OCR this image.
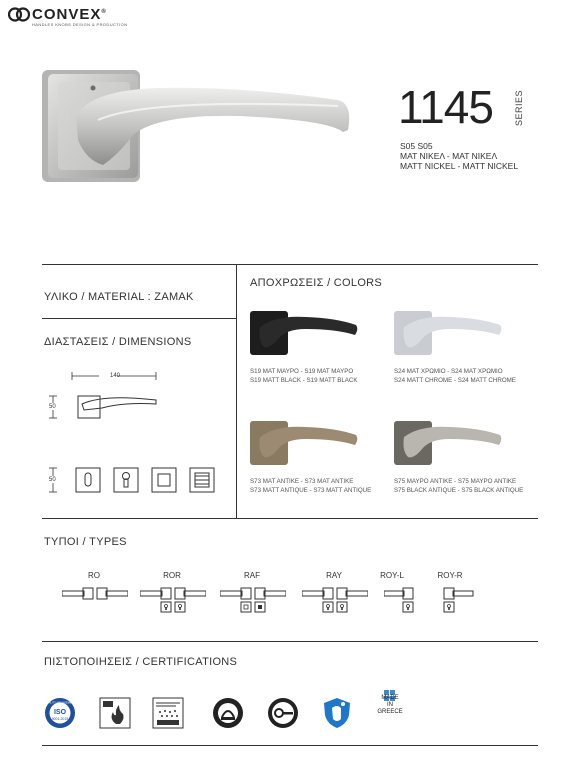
CONVEX®
HANDLES KNOBS DESIGN & PRODUCTION
1145 SERIES
S05 S05
ΜΑΤ ΝΙΚΕΛ - ΜΑΤ ΝΙΚΕΛ
MATT NICKEL - MATT NICKEL
ΥΛΙΚΟ / MATERIAL : ZAMAK
ΔΙΑΣΤΑΣΕΙΣ / DIMENSIONS
140
50
50
ΑΠΟΧΡΩΣΕΙΣ / COLORS
S19 ΜΑΤ ΜΑΥΡΟ - S19 ΜΑΤ ΜΑΥΡΟ
S19 MATT BLACK - S19 MATT BLACK
S24 ΜΑΤ ΧΡΩΜΙΟ - S24 ΜΑΤ ΧΡΩΜΙΟ
S24 MATT CHROME - S24 MATT CHROME
S73 ΜΑΤ ΑΝΤΙΚΕ - S73 ΜΑΤ ΑΝΤΙΚΕ
S73 MATT ANTIQUE - S73 MATT ANTIQUE
S75 ΜΑΥΡΟ ΑΝΤΙΚΕ - S75 ΜΑΥΡΟ ΑΝΤΙΚΕ
S75 BLACK ANTIQUE - S75 BLACK ANTIQUE
ΤΥΠΟΙ / TYPES
RO	ROR	RAF	RAY	ROY-L	ROY-R
ΠΙΣΤΟΠΟΙΗΣΕΙΣ / CERTIFICATIONS
ISO
9001:2015
QUALITY MANAGEMENT
MADE
IN
GREECE
